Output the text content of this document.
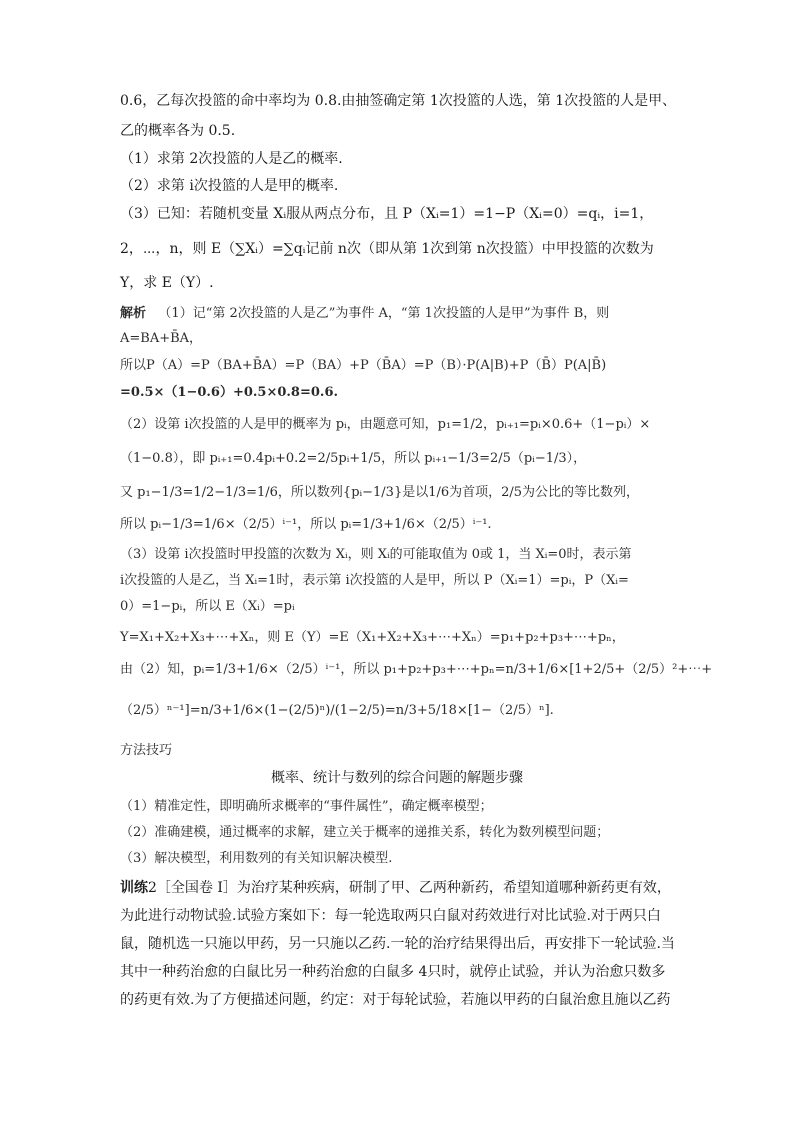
0.6，乙每次投篮的命中率均为 0.8.由抽签确定第 1次投篮的人选，第 1次投篮的人是甲、
乙的概率各为 0.5.
（1）求第 2次投篮的人是乙的概率.
（2）求第 i次投篮的人是甲的概率.
（3）已知：若随机变量 Xᵢ服从两点分布，且 P（Xᵢ=1）=1−P（Xᵢ=0）=qᵢ，i=1，
2，⋯，n，则 E（∑Xᵢ）=∑qᵢ记前 n次（即从第 1次到第 n次投篮）中甲投篮的次数为
Y，求 E（Y）.
解析 （1）记“第 2次投篮的人是乙”为事件 A，“第 1次投篮的人是甲”为事件 B，则
A=BA+B̄A，
所以P（A）=P（BA+B̄A）=P（BA）+P（B̄A）=P（B）·P(A|B)+P（B̄）P(A|B̄)
=0.5×（1−0.6）+0.5×0.8=0.6.
（2）设第 i次投篮的人是甲的概率为 pᵢ，由题意可知，p₁=1/2，pᵢ₊₁=pᵢ×0.6+（1−pᵢ）×
（1−0.8），即 pᵢ₊₁=0.4pᵢ+0.2=2/5pᵢ+1/5，所以 pᵢ₊₁−1/3=2/5（pᵢ−1/3），
又 p₁−1/3=1/2−1/3=1/6，所以数列{pᵢ−1/3}是以1/6为首项，2/5为公比的等比数列，
所以 pᵢ−1/3=1/6×（2/5）ⁱ⁻¹，所以 pᵢ=1/3+1/6×（2/5）ⁱ⁻¹.
（3）设第 i次投篮时甲投篮的次数为 Xᵢ，则 Xᵢ的可能取值为 0或 1，当 Xᵢ=0时，表示第
i次投篮的人是乙，当 Xᵢ=1时，表示第 i次投篮的人是甲，所以 P（Xᵢ=1）=pᵢ，P（Xᵢ=
0）=1−pᵢ，所以 E（Xᵢ）=pᵢ
Y=X₁+X₂+X₃+⋯+Xₙ，则 E（Y）=E（X₁+X₂+X₃+⋯+Xₙ）=p₁+p₂+p₃+⋯+pₙ，
由（2）知，pᵢ=1/3+1/6×（2/5）ⁱ⁻¹，所以 p₁+p₂+p₃+⋯+pₙ=n/3+1/6×[1+2/5+（2/5）²+⋯+
（2/5）ⁿ⁻¹]=n/3+1/6×(1−(2/5)ⁿ)/(1−2/5)=n/3+5/18×[1−（2/5）ⁿ].
方法技巧
概率、统计与数列的综合问题的解题步骤
（1）精准定性，即明确所求概率的“事件属性”，确定概率模型；
（2）准确建模，通过概率的求解，建立关于概率的递推关系，转化为数列模型问题；
（3）解决模型，利用数列的有关知识解决模型.
训练2［全国卷 I］为治疗某种疾病，研制了甲、乙两种新药，希望知道哪种新药更有效，
为此进行动物试验.试验方案如下：每一轮选取两只白鼠对药效进行对比试验.对于两只白
鼠，随机选一只施以甲药，另一只施以乙药.一轮的治疗结果得出后，再安排下一轮试验.当
其中一种药治愈的白鼠比另一种药治愈的白鼠多 4只时，就停止试验，并认为治愈只数多
的药更有效.为了方便描述问题，约定：对于每轮试验，若施以甲药的白鼠治愈且施以乙药
